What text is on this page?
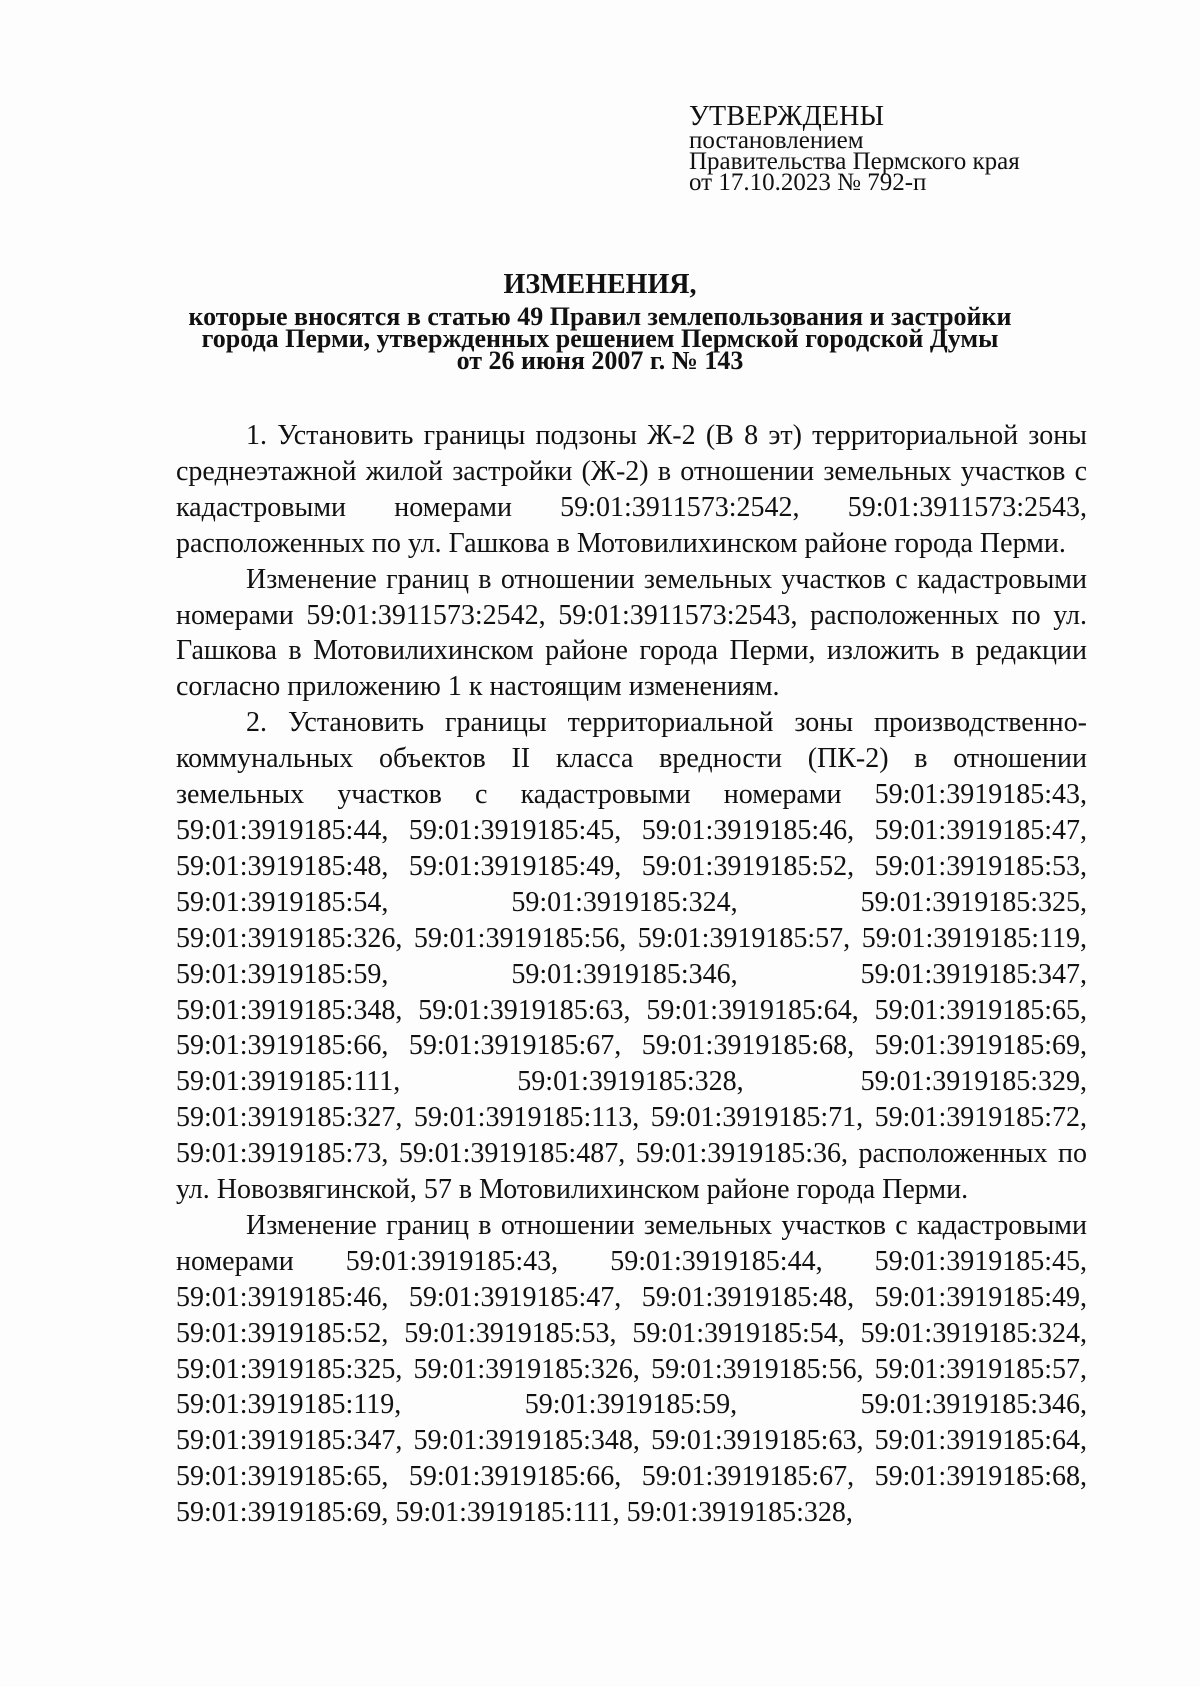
УТВЕРЖДЕНЫ
постановлением
Правительства Пермского края
от 17.10.2023 № 792-п
ИЗМЕНЕНИЯ,
которые вносятся в статью 49 Правил землепользования и застройки
города Перми, утвержденных решением Пермской городской Думы
от 26 июня 2007 г. № 143

1. Установить границы подзоны Ж-2 (В 8 эт) территориальной зоны среднеэтажной жилой застройки (Ж-2) в отношении земельных участков с кадастровыми номерами 59:01:3911573:2542, 59:01:3911573:2543, расположенных по ул. Гашкова в Мотовилихинском районе города Перми.

Изменение границ в отношении земельных участков с кадастровыми номерами 59:01:3911573:2542, 59:01:3911573:2543, расположенных по ул. Гашкова в Мотовилихинском районе города Перми, изложить в редакции согласно приложению 1 к настоящим изменениям.

2. Установить границы территориальной зоны производственно-коммунальных объектов II класса вредности (ПК-2) в отношении земельных участков с кадастровыми номерами 59:01:3919185:43, 59:01:3919185:44, 59:01:3919185:45, 59:01:3919185:46, 59:01:3919185:47, 59:01:3919185:48, 59:01:3919185:49, 59:01:3919185:52, 59:01:3919185:53, 59:01:3919185:54, 59:01:3919185:324, 59:01:3919185:325, 59:01:3919185:326, 59:01:3919185:56, 59:01:3919185:57, 59:01:3919185:119, 59:01:3919185:59, 59:01:3919185:346, 59:01:3919185:347, 59:01:3919185:348, 59:01:3919185:63, 59:01:3919185:64, 59:01:3919185:65, 59:01:3919185:66, 59:01:3919185:67, 59:01:3919185:68, 59:01:3919185:69, 59:01:3919185:111, 59:01:3919185:328, 59:01:3919185:329, 59:01:3919185:327, 59:01:3919185:113, 59:01:3919185:71, 59:01:3919185:72, 59:01:3919185:73, 59:01:3919185:487, 59:01:3919185:36, расположенных по ул. Новозвягинской, 57 в Мотовилихинском районе города Перми.

Изменение границ в отношении земельных участков с кадастровыми номерами 59:01:3919185:43, 59:01:3919185:44, 59:01:3919185:45, 59:01:3919185:46, 59:01:3919185:47, 59:01:3919185:48, 59:01:3919185:49, 59:01:3919185:52, 59:01:3919185:53, 59:01:3919185:54, 59:01:3919185:324, 59:01:3919185:325, 59:01:3919185:326, 59:01:3919185:56, 59:01:3919185:57, 59:01:3919185:119, 59:01:3919185:59, 59:01:3919185:346, 59:01:3919185:347, 59:01:3919185:348, 59:01:3919185:63, 59:01:3919185:64, 59:01:3919185:65, 59:01:3919185:66, 59:01:3919185:67, 59:01:3919185:68, 59:01:3919185:69, 59:01:3919185:111, 59:01:3919185:328,
